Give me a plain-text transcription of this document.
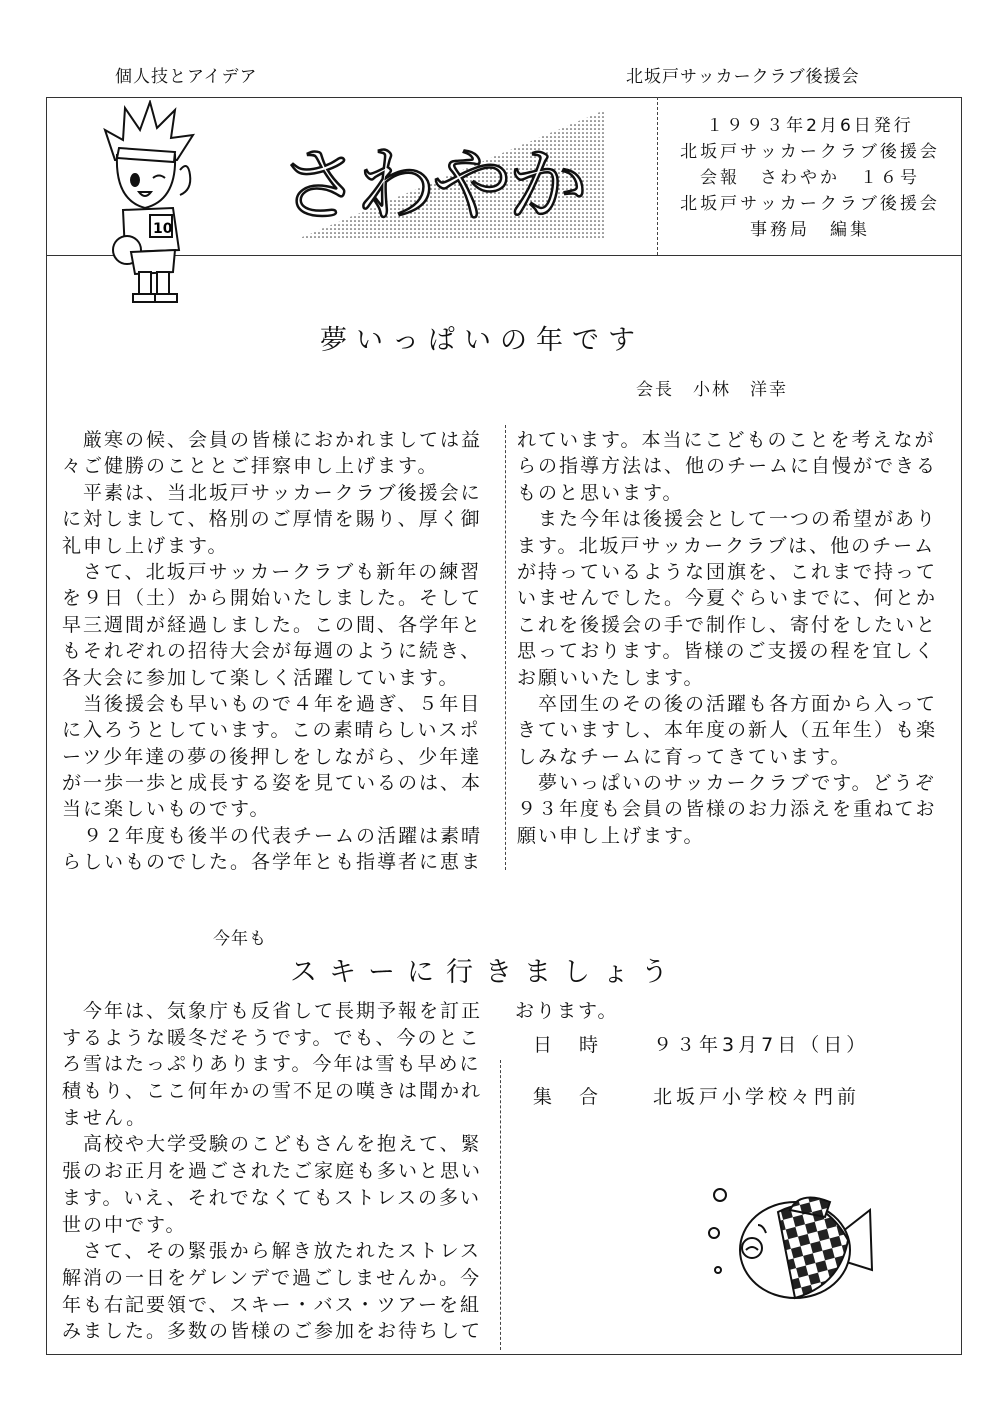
個人技とアイデア	北坂戸サッカークラブ後援会
10 さわやか
１９９３年2月6日発行
北坂戸サッカークラブ後援会
会報　さわやか　１６号
北坂戸サッカークラブ後援会
事務局　編集
夢いっぱいの年です
会長　小林　洋幸
　厳寒の候、会員の皆様におかれましては益
々ご健勝のこととご拝察申し上げます。
　平素は、当北坂戸サッカークラブ後援会に
に対しまして、格別のご厚情を賜り、厚く御
礼申し上げます。
　さて、北坂戸サッカークラブも新年の練習
を９日（土）から開始いたしました。そして
早三週間が経過しました。この間、各学年と
もそれぞれの招待大会が毎週のように続き、
各大会に参加して楽しく活躍しています。
　当後援会も早いもので４年を過ぎ、５年目
に入ろうとしています。この素晴らしいスポ
ーツ少年達の夢の後押しをしながら、少年達
が一歩一歩と成長する姿を見ているのは、本
当に楽しいものです。
　９２年度も後半の代表チームの活躍は素晴
らしいものでした。各学年とも指導者に恵ま
れています。本当にこどものことを考えなが
らの指導方法は、他のチームに自慢ができる
ものと思います。
　また今年は後援会として一つの希望があり
ます。北坂戸サッカークラブは、他のチーム
が持っているような団旗を、これまで持って
いませんでした。今夏ぐらいまでに、何とか
これを後援会の手で制作し、寄付をしたいと
思っております。皆様のご支援の程を宜しく
お願いいたします。
　卒団生のその後の活躍も各方面から入って
きていますし、本年度の新人（五年生）も楽
しみなチームに育ってきています。
　夢いっぱいのサッカークラブです。どうぞ
９３年度も会員の皆様のお力添えを重ねてお
願い申し上げます。
今年も
スキーに行きましょう
　今年は、気象庁も反省して長期予報を訂正
するような暖冬だそうです。でも、今のとこ
ろ雪はたっぷりあります。今年は雪も早めに
積もり、ここ何年かの雪不足の嘆きは聞かれ
ません。
　高校や大学受験のこどもさんを抱えて、緊
張のお正月を過ごされたご家庭も多いと思い
ます。いえ、それでなくてもストレスの多い
世の中です。
　さて、その緊張から解き放たれたストレス
解消の一日をゲレンデで過ごしませんか。今
年も右記要領で、スキー・バス・ツアーを組
みました。多数の皆様のご参加をお待ちして
おります。
日　時	９３年3月7日（日）
集　合	北坂戸小学校々門前
